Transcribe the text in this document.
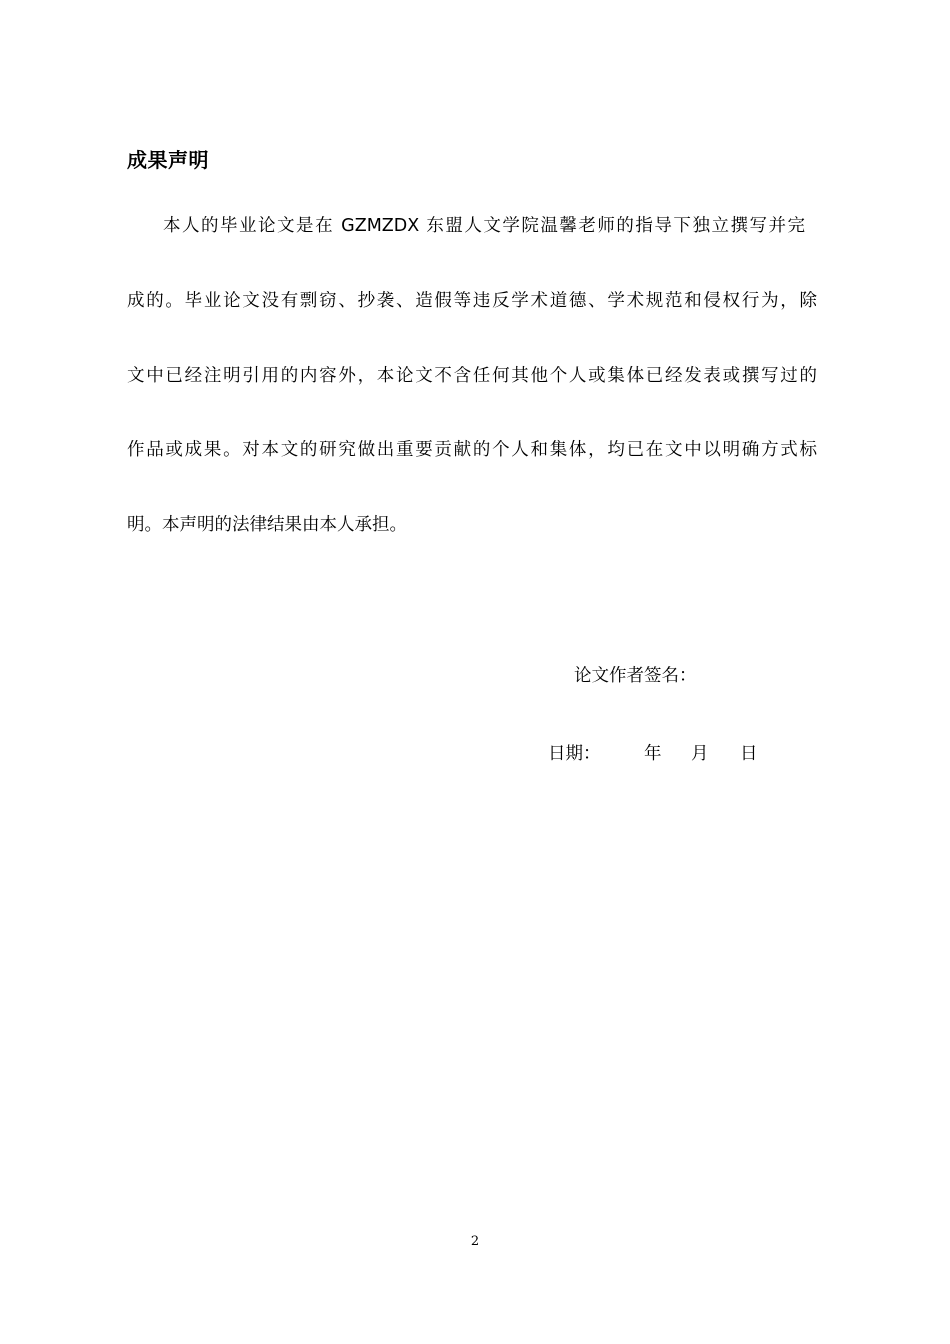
成果声明
本人的毕业论文是在 GZMZDX 东盟人文学院温馨老师的指导下独立撰写并完
成的。毕业论文没有剽窃、抄袭、造假等违反学术道德、学术规范和侵权行为，除
文中已经注明引用的内容外，本论文不含任何其他个人或集体已经发表或撰写过的
作品或成果。对本文的研究做出重要贡献的个人和集体，均已在文中以明确方式标
明。本声明的法律结果由本人承担。
论文作者签名：
日期： 年 月 日
2
